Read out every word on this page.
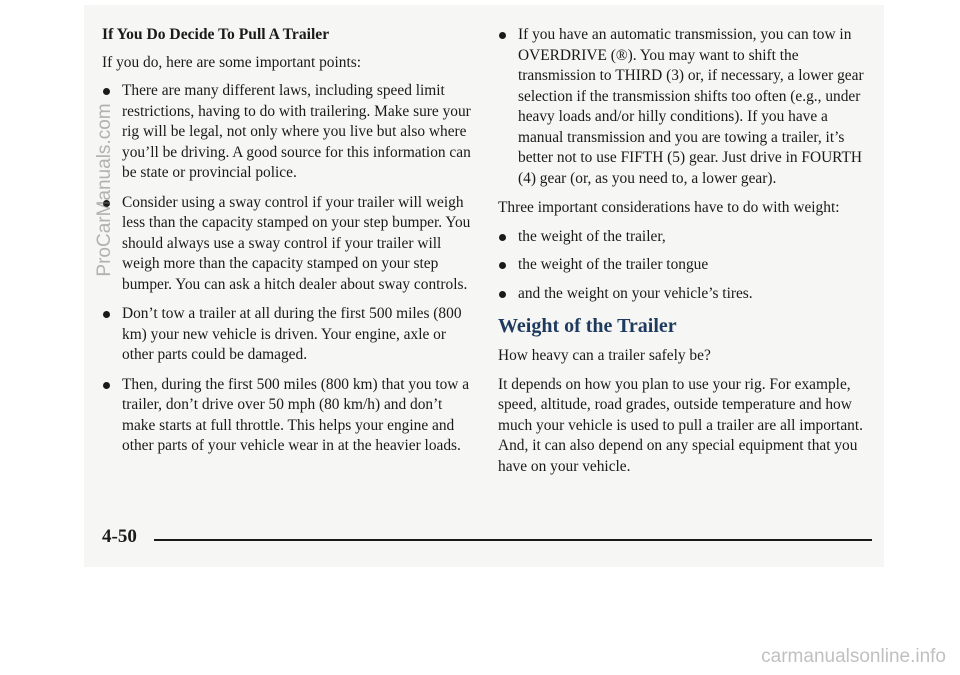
If You Do Decide To Pull A Trailer

If you do, here are some important points:

There are many different laws, including speed limit restrictions, having to do with trailering. Make sure your rig will be legal, not only where you live but also where you’ll be driving. A good source for this information can be state or provincial police.
Consider using a sway control if your trailer will weigh less than the capacity stamped on your step bumper. You should always use a sway control if your trailer will weigh more than the capacity stamped on your step bumper. You can ask a hitch dealer about sway controls.
Don’t tow a trailer at all during the first 500 miles (800 km) your new vehicle is driven. Your engine, axle or other parts could be damaged.
Then, during the first 500 miles (800 km) that you tow a trailer, don’t drive over 50 mph (80 km/h) and don’t make starts at full throttle. This helps your engine and other parts of your vehicle wear in at the heavier loads.
If you have an automatic transmission, you can tow in OVERDRIVE (®). You may want to shift the transmission to THIRD (3) or, if necessary, a lower gear selection if the transmission shifts too often (e.g., under heavy loads and/or hilly conditions). If you have a manual transmission and you are towing a trailer, it’s better not to use FIFTH (5) gear. Just drive in FOURTH (4) gear (or, as you need to, a lower gear).

Three important considerations have to do with weight:

the weight of the trailer,
the weight of the trailer tongue
and the weight on your vehicle’s tires.
Weight of the Trailer

How heavy can a trailer safely be?

It depends on how you plan to use your rig. For example, speed, altitude, road grades, outside temperature and how much your vehicle is used to pull a trailer are all important. And, it can also depend on any special equipment that you have on your vehicle.

4-50
ProCarManuals.com
carmanualsonline.info
